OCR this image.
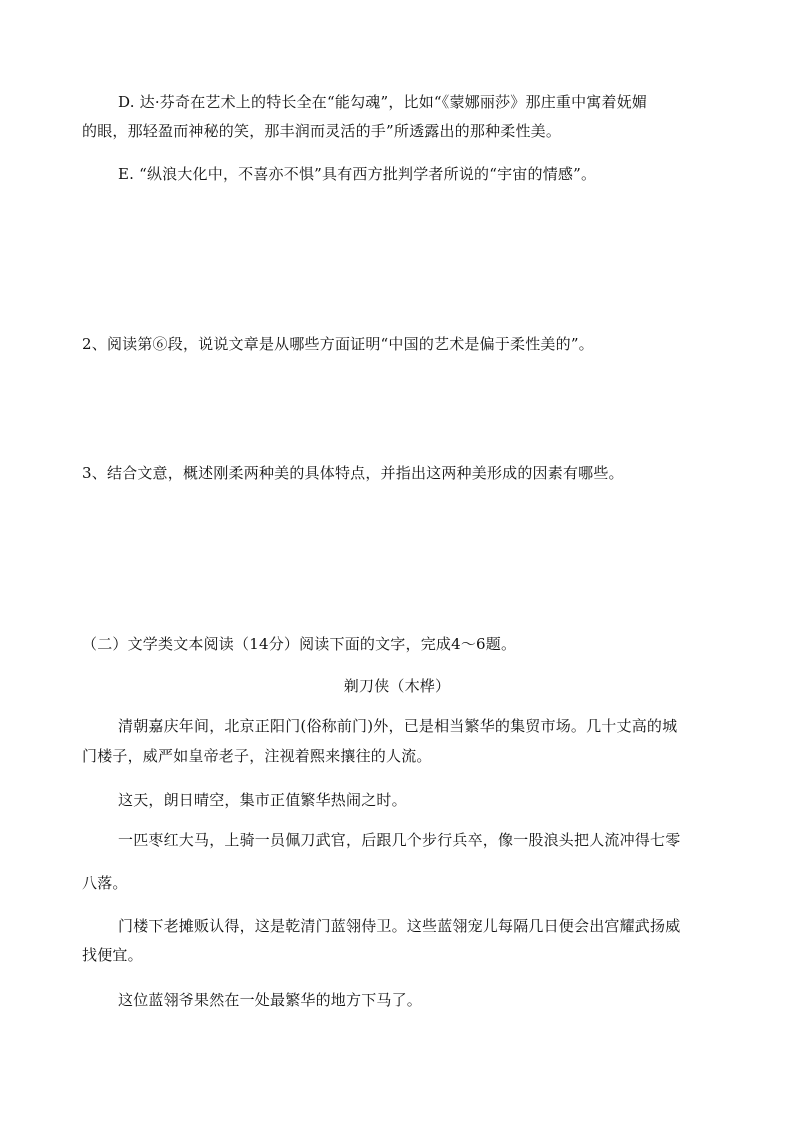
D. 达·芬奇在艺术上的特长全在“能勾魂”，比如“《蒙娜丽莎》那庄重中寓着妩媚
的眼，那轻盈而神秘的笑，那丰润而灵活的手”所透露出的那种柔性美。
E. “纵浪大化中，不喜亦不惧”具有西方批判学者所说的“宇宙的情感”。
2、阅读第⑥段，说说文章是从哪些方面证明“中国的艺术是偏于柔性美的”。
3、结合文意，概述刚柔两种美的具体特点，并指出这两种美形成的因素有哪些。
（二）文学类文本阅读（14分）阅读下面的文字，完成4～6题。
剃刀侠（木桦）
清朝嘉庆年间，北京正阳门(俗称前门)外，已是相当繁华的集贸市场。几十丈高的城
门楼子，威严如皇帝老子，注视着熙来攘往的人流。
这天，朗日晴空，集市正值繁华热闹之时。
一匹枣红大马，上骑一员佩刀武官，后跟几个步行兵卒，像一股浪头把人流冲得七零
八落。
门楼下老摊贩认得，这是乾清门蓝翎侍卫。这些蓝翎宠儿每隔几日便会出宫耀武扬威
找便宜。
这位蓝翎爷果然在一处最繁华的地方下马了。
